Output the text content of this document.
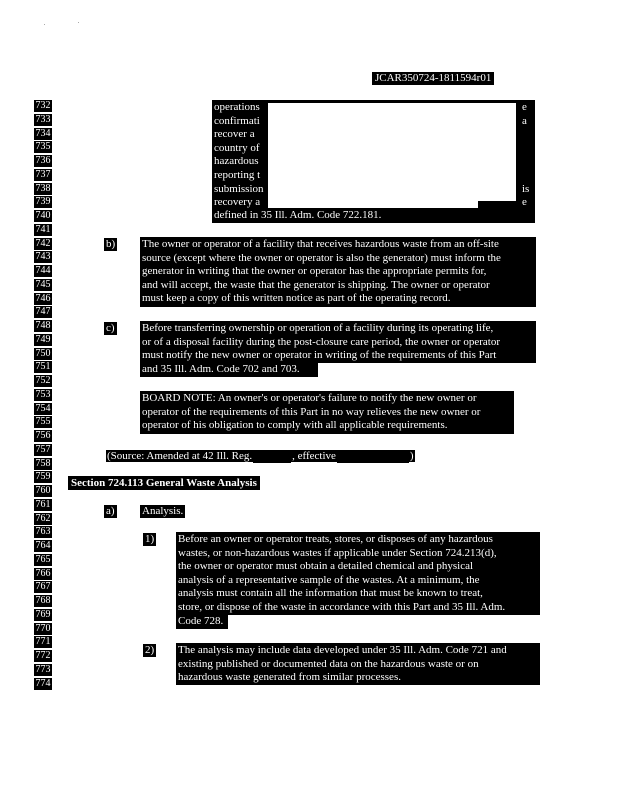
JCAR350724-1811594r01
732
733
734
735
736
737
738
739
740
741
742
743
744
745
746
747
748
749
750
751
752
753
754
755
756
757
758
759
760
761
762
763
764
765
766
767
768
769
770
771
772
773
774
operations
confirmati
recover a
country of
hazardous
reporting t
submission
recovery a
e
a
is
e
defined in 35 Ill. Adm. Code 722.181.
b) The owner or operator of a facility that receives hazardous waste from an off-site
source (except where the owner or operator is also the generator) must inform the
generator in writing that the owner or operator has the appropriate permits for,
and will accept, the waste that the generator is shipping. The owner or operator
must keep a copy of this written notice as part of the operating record.
c) Before transferring ownership or operation of a facility during its operating life,
or of a disposal facility during the post-closure care period, the owner or operator
must notify the new owner or operator in writing of the requirements of this Part
and 35 Ill. Adm. Code 702 and 703.
BOARD NOTE: An owner's or operator's failure to notify the new owner or
operator of the requirements of this Part in no way relieves the new owner or
operator of his obligation to comply with all applicable requirements.
(Source: Amended at 42 Ill. Reg.	, effective	)
Section 724.113 General Waste Analysis
a) Analysis.
1) Before an owner or operator treats, stores, or disposes of any hazardous
wastes, or non-hazardous wastes if applicable under Section 724.213(d),
the owner or operator must obtain a detailed chemical and physical
analysis of a representative sample of the wastes. At a minimum, the
analysis must contain all the information that must be known to treat,
store, or dispose of the waste in accordance with this Part and 35 Ill. Adm.
Code 728.
2) The analysis may include data developed under 35 Ill. Adm. Code 721 and
existing published or documented data on the hazardous waste or on
hazardous waste generated from similar processes.
